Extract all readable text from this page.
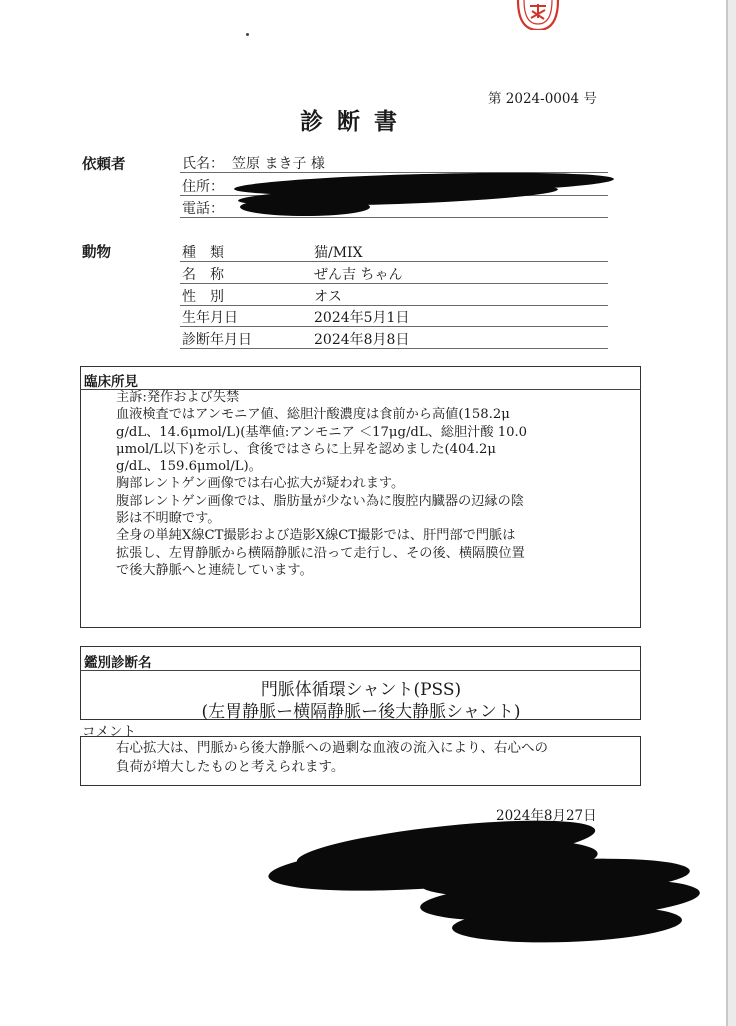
第 2024-0004 号
診断書
依頼者	氏名： 笠原 まき子 様
住所：
電話：
動物	種　類	猫/MIX
名　称	ぜん吉 ちゃん
性　別	オス
生年月日	2024年5月1日
診断年月日	2024年8月8日
臨床所見
主訴:発作および失禁
血液検査ではアンモニア値、総胆汁酸濃度は食前から高値(158.2μ
g/dL、14.6μmol/L)(基準値:アンモニア ＜17μg/dL、総胆汁酸 10.0
μmol/L以下)を示し、食後ではさらに上昇を認めました(404.2μ
g/dL、159.6μmol/L)。
胸部レントゲン画像では右心拡大が疑われます。
腹部レントゲン画像では、脂肪量が少ない為に腹腔内臓器の辺縁の陰
影は不明瞭です。
全身の単純X線CT撮影および造影X線CT撮影では、肝門部で門脈は
拡張し、左胃静脈から横隔静脈に沿って走行し、その後、横隔膜位置
で後大静脈へと連続しています。
鑑別診断名
門脈体循環シャント(PSS)
(左胃静脈ー横隔静脈ー後大静脈シャント)
コメント
右心拡大は、門脈から後大静脈への過剰な血液の流入により、右心への
負荷が増大したものと考えられます。
2024年8月27日
